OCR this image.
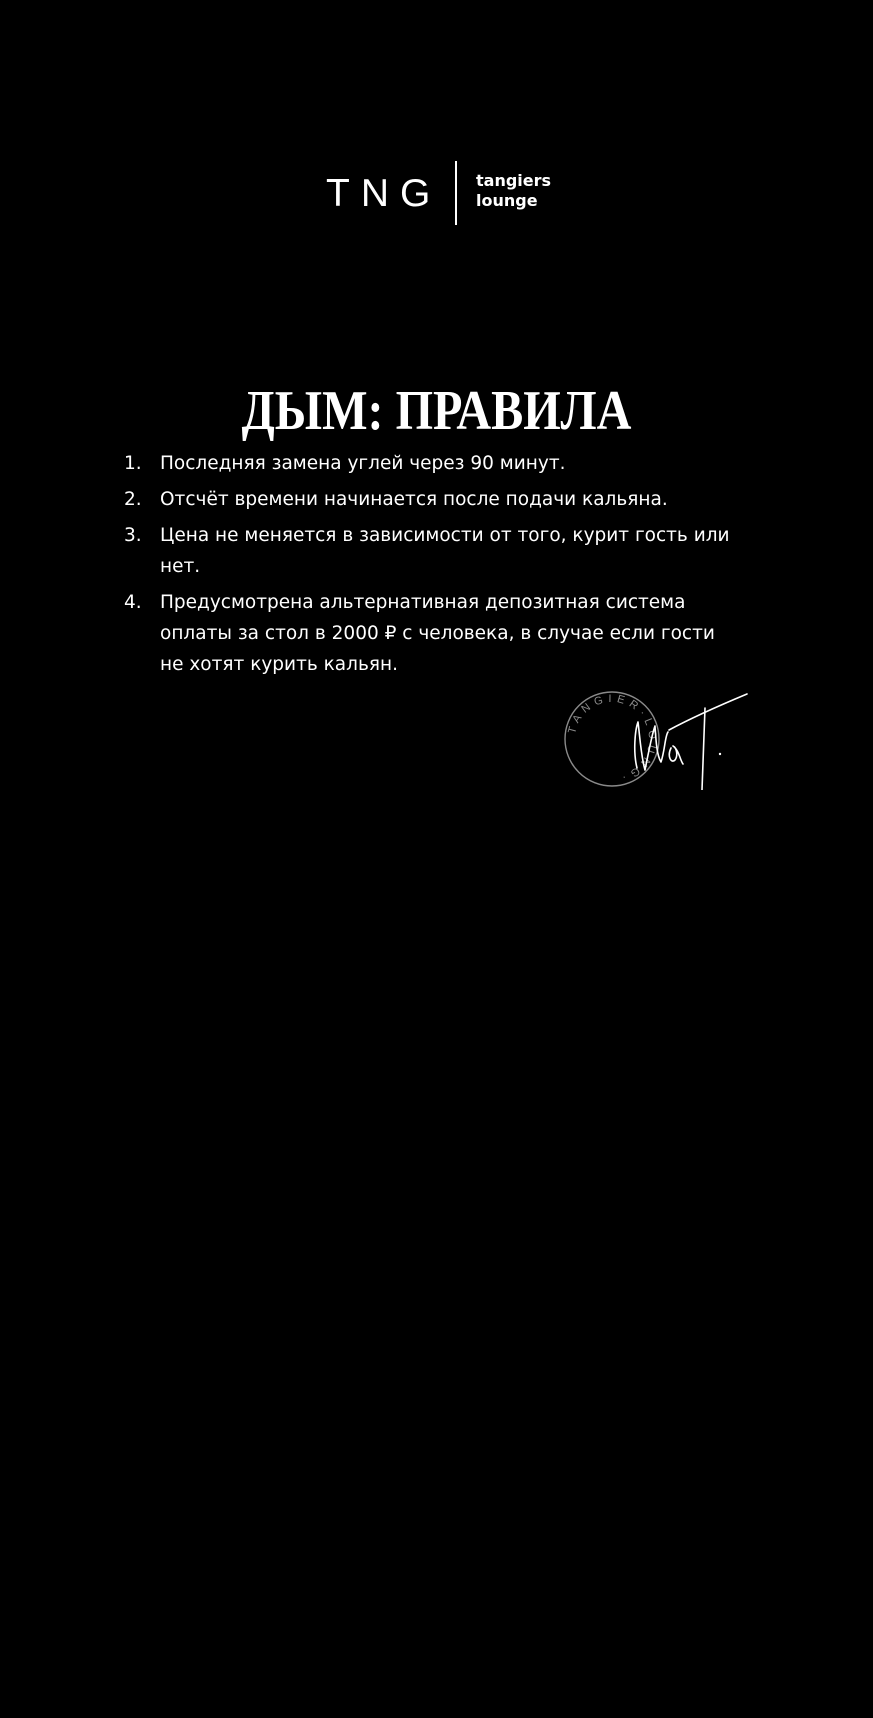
TNG tangiers
lounge
ДЫМ: ПРАВИЛА
1. Последняя замена углей через 90 минут.
2. Отсчёт времени начинается после подачи кальяна.
3. Цена не меняется в зависимости от того, курит гость или нет.
4. Предусмотрена альтернативная депозитная система оплаты за стол в 2000 ₽ с человека, в случае если гости не хотят курить кальян.
TANGIER·LOUNG·
